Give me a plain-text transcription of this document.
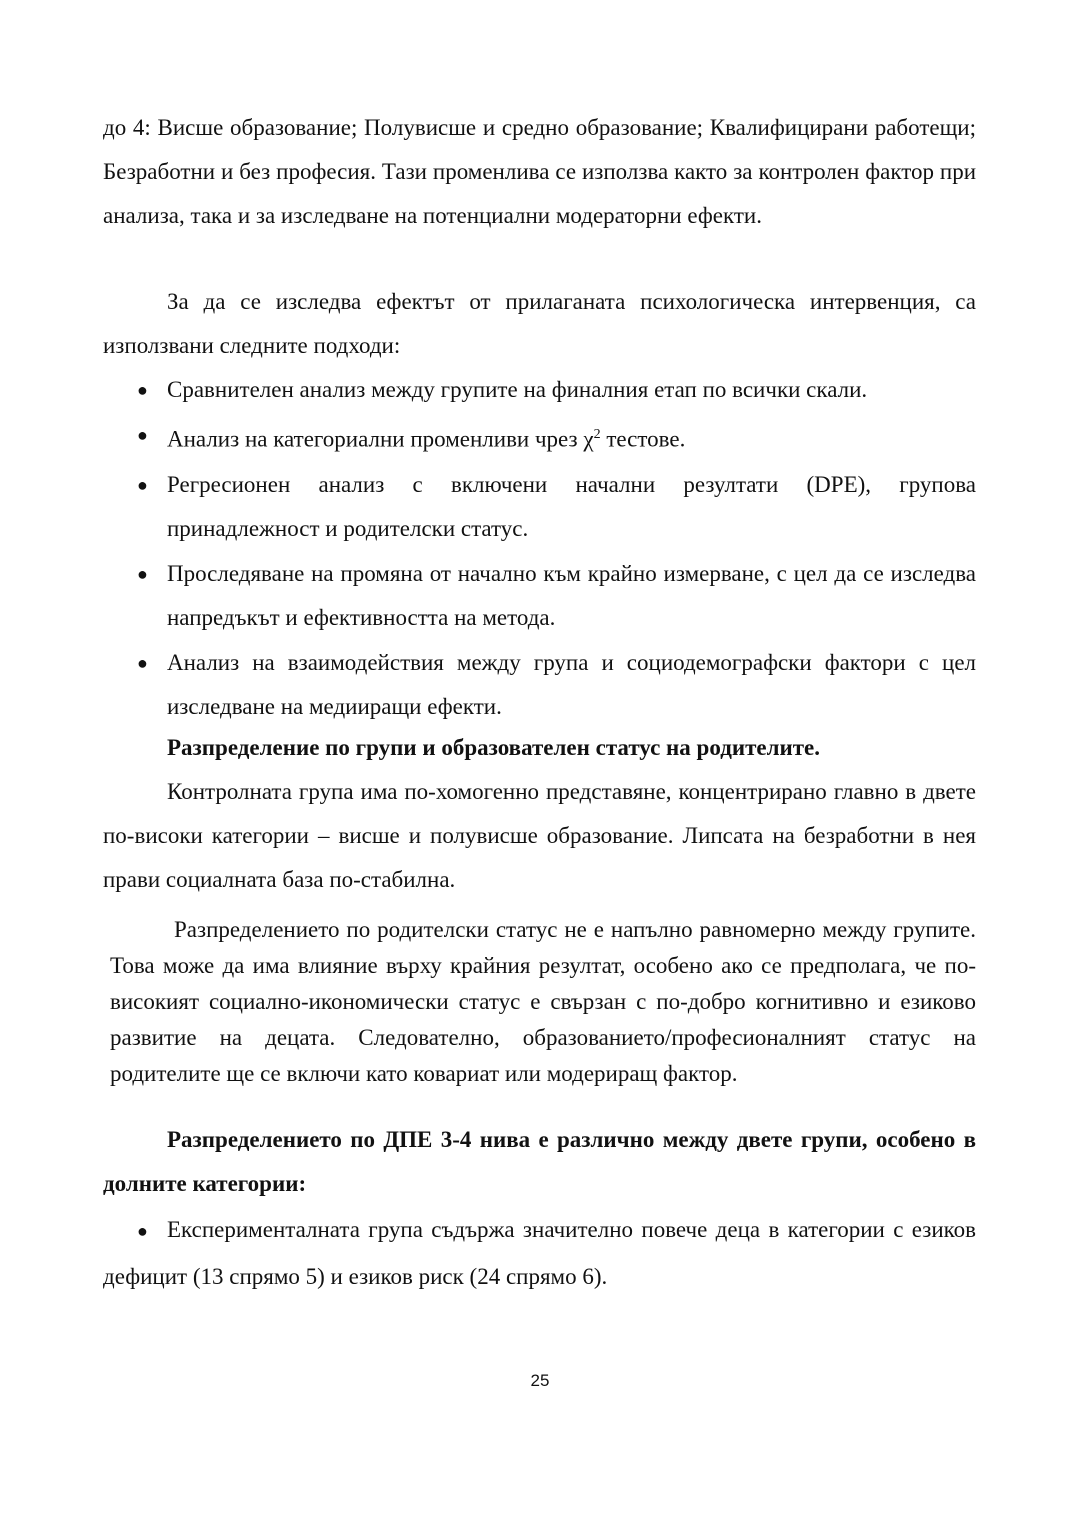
до 4: Висше образование; Полувисше и средно образование; Квалифицирани работещи; Безработни и без професия. Тази променлива се използва както за контролен фактор при анализа, така и за изследване на потенциални модераторни ефекти.

За да се изследва ефектът от прилаганата психологическа интервенция, са използвани следните подходи:

● Сравнителен анализ между групите на финалния етап по всички скали.
● Анализ на категориални променливи чрез $\chi^2$ тестове.
● Регресионен анализ с включени начални резултати (DPE), групова принадлежност и родителски статус.
● Проследяване на промяна от начално към крайно измерване, с цел да се изследва напредъкът и ефективността на метода.
● Анализ на взаимодействия между група и социодемографски фактори с цел изследване на медииращи ефекти.

Разпределение по групи и образователен статус на родителите.

Контролната група има по-хомогенно представяне, концентрирано главно в двете по-високи категории – висше и полувисше образование. Липсата на безработни в нея прави социалната база по-стабилна.

Разпределението по родителски статус не е напълно равномерно между групите. Това може да има влияние върху крайния резултат, особено ако се предполага, че по-високият социално-икономически статус е свързан с по-добро когнитивно и езиково развитие на децата. Следователно, образованието/професионалният статус на родителите ще се включи като ковариат или модериращ фактор.

Разпределението по ДПЕ 3-4 нива е различно между двете групи, особено в долните категории:

● Експерименталната група съдържа значително повече деца в категории с езиков дефицит (13 спрямо 5) и езиков риск (24 спрямо 6).

25
